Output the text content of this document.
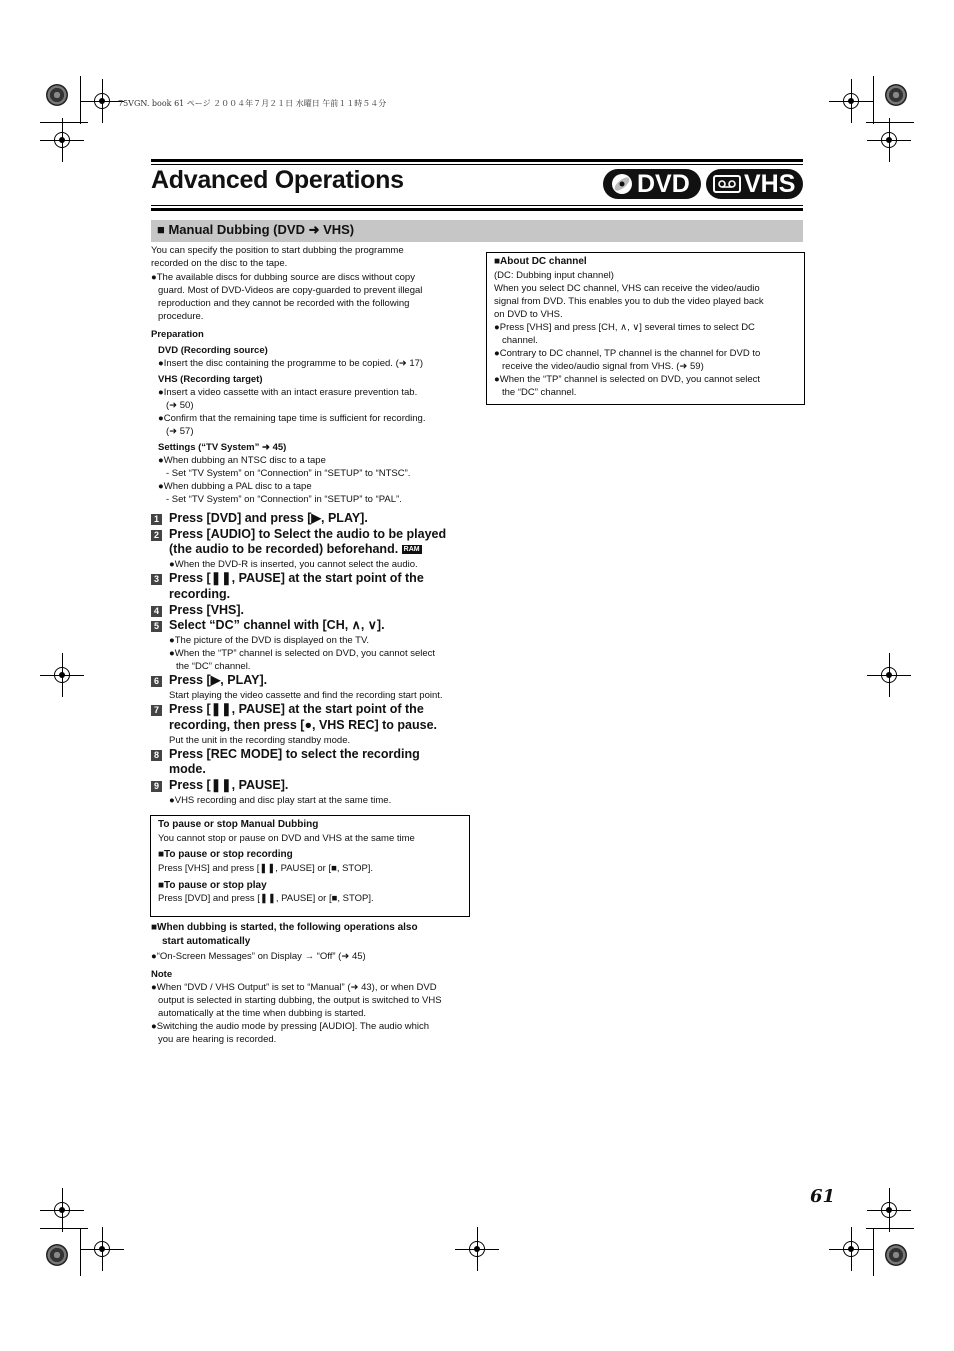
75VGN. book 61 ページ ２００４年７月２１日 水曜日 午前１１時５４分
Advanced Operations	DVD VHS
■ Manual Dubbing (DVD ➜ VHS)
You can specify the position to start dubbing the programme
recorded on the disc to the tape.
●The available discs for dubbing source are discs without copy
guard. Most of DVD-Videos are copy-guarded to prevent illegal
reproduction and they cannot be recorded with the following
procedure.
Preparation
DVD (Recording source)
●Insert the disc containing the programme to be copied. (➜ 17)
VHS (Recording target)
●Insert a video cassette with an intact erasure prevention tab.
(➜ 50)
●Confirm that the remaining tape time is sufficient for recording.
(➜ 57)
Settings (“TV System” ➜ 45)
●When dubbing an NTSC disc to a tape
- Set “TV System” on “Connection” in “SETUP” to “NTSC”.
●When dubbing a PAL disc to a tape
- Set “TV System” on “Connection” in “SETUP” to “PAL”.
1 Press [DVD] and press [▶, PLAY].
2 Press [AUDIO] to Select the audio to be played
(the audio to be recorded) beforehand. RAM
●When the DVD-R is inserted, you cannot select the audio.
3 Press [❚❚, PAUSE] at the start point of the
recording.
4 Press [VHS].
5 Select “DC” channel with [CH, ∧, ∨].
●The picture of the DVD is displayed on the TV.
●When the “TP” channel is selected on DVD, you cannot select
the “DC” channel.
6 Press [▶, PLAY].
Start playing the video cassette and find the recording start point.
7 Press [❚❚, PAUSE] at the start point of the
recording, then press [●, VHS REC] to pause.
Put the unit in the recording standby mode.
8 Press [REC MODE] to select the recording
mode.
9 Press [❚❚, PAUSE].
●VHS recording and disc play start at the same time.
To pause or stop Manual Dubbing
You cannot stop or pause on DVD and VHS at the same time
■To pause or stop recording
Press [VHS] and press [❚❚, PAUSE] or [■, STOP].
■To pause or stop play
Press [DVD] and press [❚❚, PAUSE] or [■, STOP].
■When dubbing is started, the following operations also
start automatically
●“On-Screen Messages” on Display → “Off” (➜ 45)
Note
●When “DVD / VHS Output” is set to “Manual” (➜ 43), or when DVD
output is selected in starting dubbing, the output is switched to VHS
automatically at the time when dubbing is started.
●Switching the audio mode by pressing [AUDIO]. The audio which
you are hearing is recorded.
■About DC channel
(DC: Dubbing input channel)
When you select DC channel, VHS can receive the video/audio
signal from DVD. This enables you to dub the video played back
on DVD to VHS.
●Press [VHS] and press [CH, ∧, ∨] several times to select DC
channel.
●Contrary to DC channel, TP channel is the channel for DVD to
receive the video/audio signal from VHS. (➜ 59)
●When the “TP” channel is selected on DVD, you cannot select
the “DC” channel.
61
